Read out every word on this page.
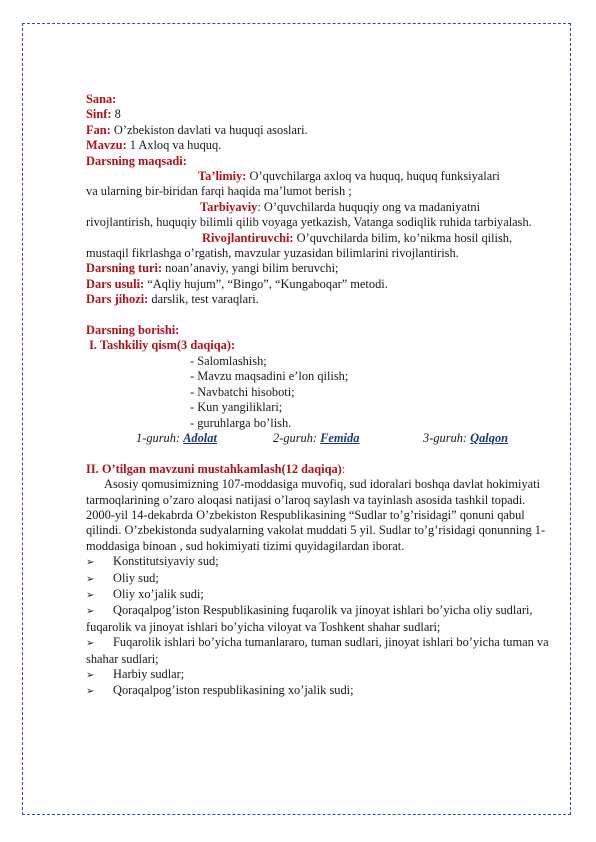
Sana:

Sinf: 8

Fan: O’zbekiston davlati va huquqi asoslari.

Mavzu: 1 Axloq va huquq.

Darsning maqsadi:

Ta’limiy: O’quvchilarga axloq va huquq, huquq funksiyalari

va ularning bir-biridan farqi haqida ma’lumot berish ;

Tarbiyaviy: O’quvchilarda huquqiy ong va madaniyatni

rivojlantirish, huquqiy bilimli qilib voyaga yetkazish, Vatanga sodiqlik ruhida tarbiyalash.

Rivojlantiruvchi: O’quvchilarda bilim, ko’nikma hosil qilish,

mustaqil fikrlashga o’rgatish, mavzular yuzasidan bilimlarini rivojlantirish.

Darsning turi: noan’anaviy, yangi bilim beruvchi;

Dars usuli: “Aqliy hujum”, “Bingo”, “Kungaboqar” metodi.

Dars jihozi: darslik, test varaqlari.

Darsning borishi:

I. Tashkiliy qism(3 daqiqa):

- Salomlashish;

- Mavzu maqsadini e’lon qilish;

- Navbatchi hisoboti;

- Kun yangiliklari;

- guruhlarga bo’lish.

1-guruh: Adolat	2-guruh: Femida	3-guruh: Qalqon

II. O’tilgan mavzuni mustahkamlash(12 daqiqa):

Asosiy qomusimizning 107-moddasiga muvofiq, sud idoralari boshqa davlat hokimiyati tarmoqlarining o’zaro aloqasi natijasi o’laroq saylash va tayinlash asosida tashkil topadi. 2000-yil 14-dekabrda O’zbekiston Respublikasining “Sudlar to’g’risidagi” qonuni qabul qilindi. O’zbekistonda sudyalarning vakolat muddati 5 yil. Sudlar to’g’risidagi qonunning 1- moddasiga binoan , sud hokimiyati tizimi quyidagilardan iborat.

➢ Konstitutsiyaviy sud;

➢ Oliy sud;

➢ Oliy xo’jalik sudi;

➢ Qoraqalpog’iston Respublikasining fuqarolik va jinoyat ishlari bo’yicha oliy sudlari, fuqarolik va jinoyat ishlari bo’yicha viloyat va Toshkent shahar sudlari;

➢ Fuqarolik ishlari bo’yicha tumanlararo, tuman sudlari, jinoyat ishlari bo’yicha tuman va shahar sudlari;

➢ Harbiy sudlar;

➢ Qoraqalpog’iston respublikasining xo’jalik sudi;
